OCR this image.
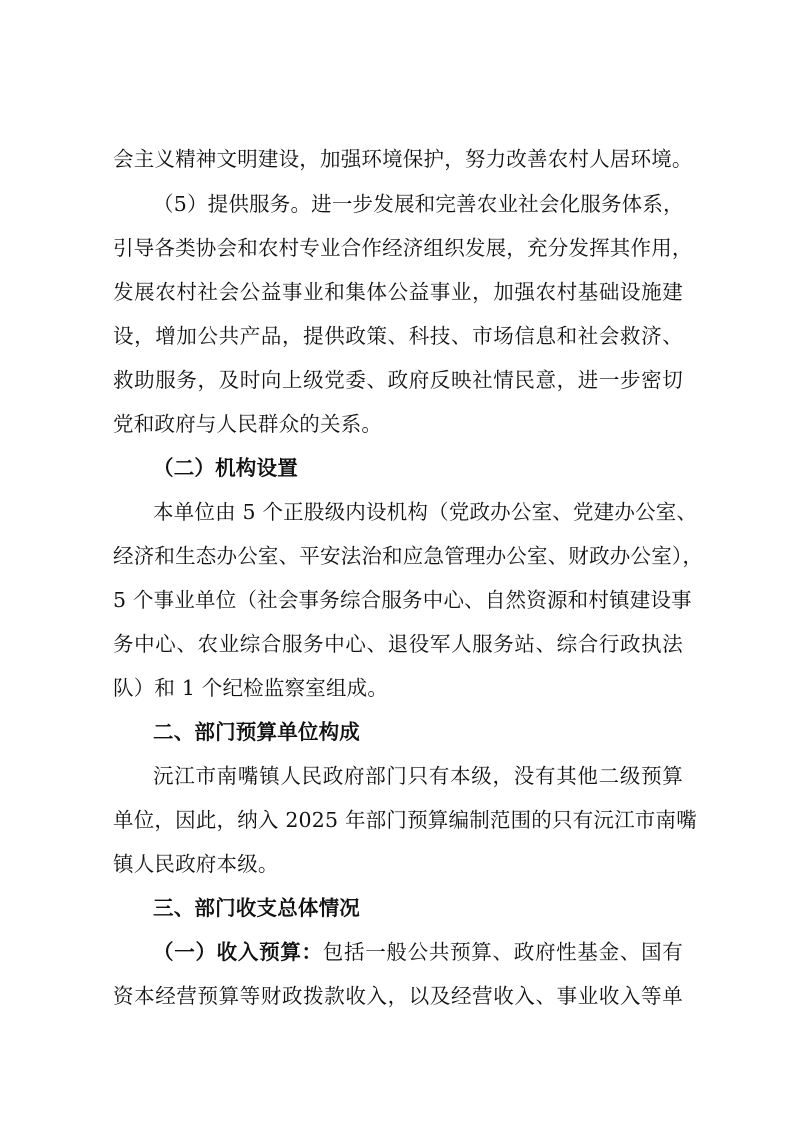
会主义精神文明建设，加强环境保护，努力改善农村人居环境。
（5）提供服务。进一步发展和完善农业社会化服务体系，
引导各类协会和农村专业合作经济组织发展，充分发挥其作用，
发展农村社会公益事业和集体公益事业，加强农村基础设施建
设，增加公共产品，提供政策、科技、市场信息和社会救济、
救助服务，及时向上级党委、政府反映社情民意，进一步密切
党和政府与人民群众的关系。
（二）机构设置
本单位由 5 个正股级内设机构（党政办公室、党建办公室、
经济和生态办公室、平安法治和应急管理办公室、财政办公室），
5 个事业单位（社会事务综合服务中心、自然资源和村镇建设事
务中心、农业综合服务中心、退役军人服务站、综合行政执法
队）和 1 个纪检监察室组成。
二、部门预算单位构成
沅江市南嘴镇人民政府部门只有本级，没有其他二级预算
单位，因此，纳入 2025 年部门预算编制范围的只有沅江市南嘴
镇人民政府本级。
三、部门收支总体情况
（一）收入预算：包括一般公共预算、政府性基金、国有
资本经营预算等财政拨款收入，以及经营收入、事业收入等单
